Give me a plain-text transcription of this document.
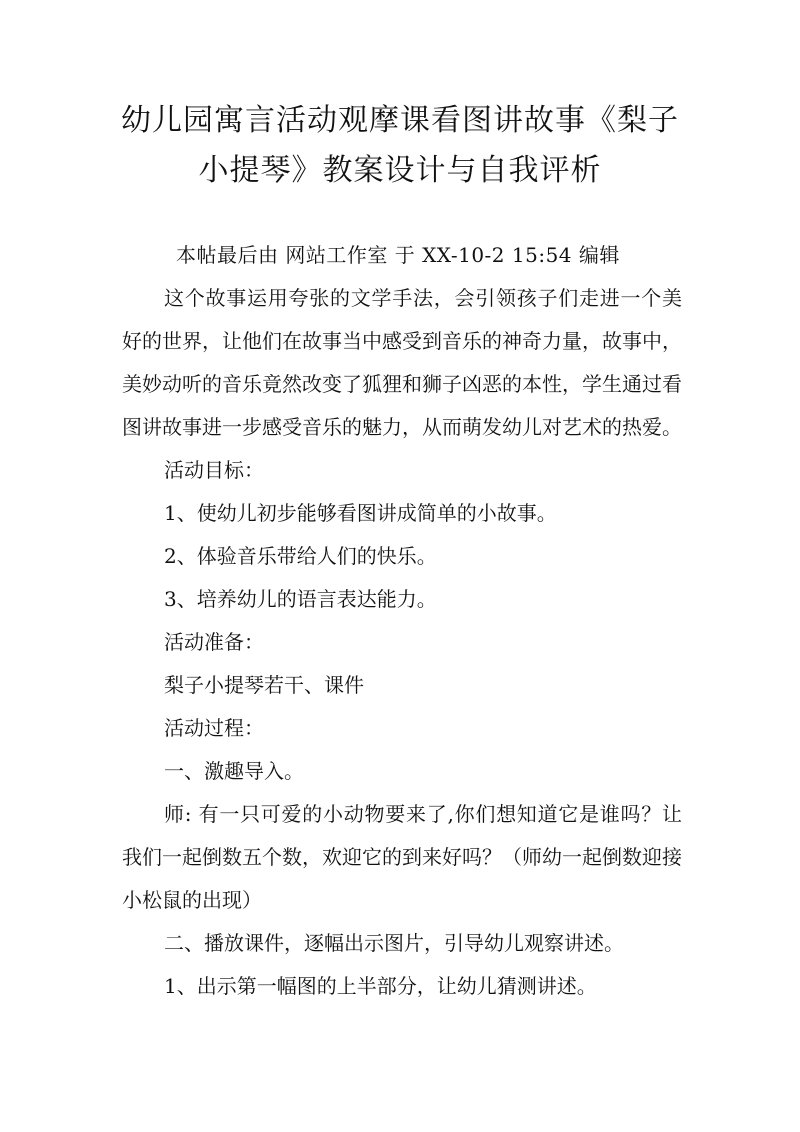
幼儿园寓言活动观摩课看图讲故事《梨子小提琴》教案设计与自我评析

本帖最后由 网站工作室 于 XX-10-2 15:54 编辑

这个故事运用夸张的文学手法，会引领孩子们走进一个美好的世界，让他们在故事当中感受到音乐的神奇力量，故事中，美妙动听的音乐竟然改变了狐狸和狮子凶恶的本性，学生通过看图讲故事进一步感受音乐的魅力，从而萌发幼儿对艺术的热爱。

活动目标：

1、使幼儿初步能够看图讲成简单的小故事。

2、体验音乐带给人们的快乐。

3、培养幼儿的语言表达能力。

活动准备：

梨子小提琴若干、课件

活动过程：

一、激趣导入。

师: 有一只可爱的小动物要来了,你们想知道它是谁吗？让我们一起倒数五个数，欢迎它的到来好吗？（师幼一起倒数迎接小松鼠的出现）

二、播放课件，逐幅出示图片，引导幼儿观察讲述。

1、出示第一幅图的上半部分，让幼儿猜测讲述。
